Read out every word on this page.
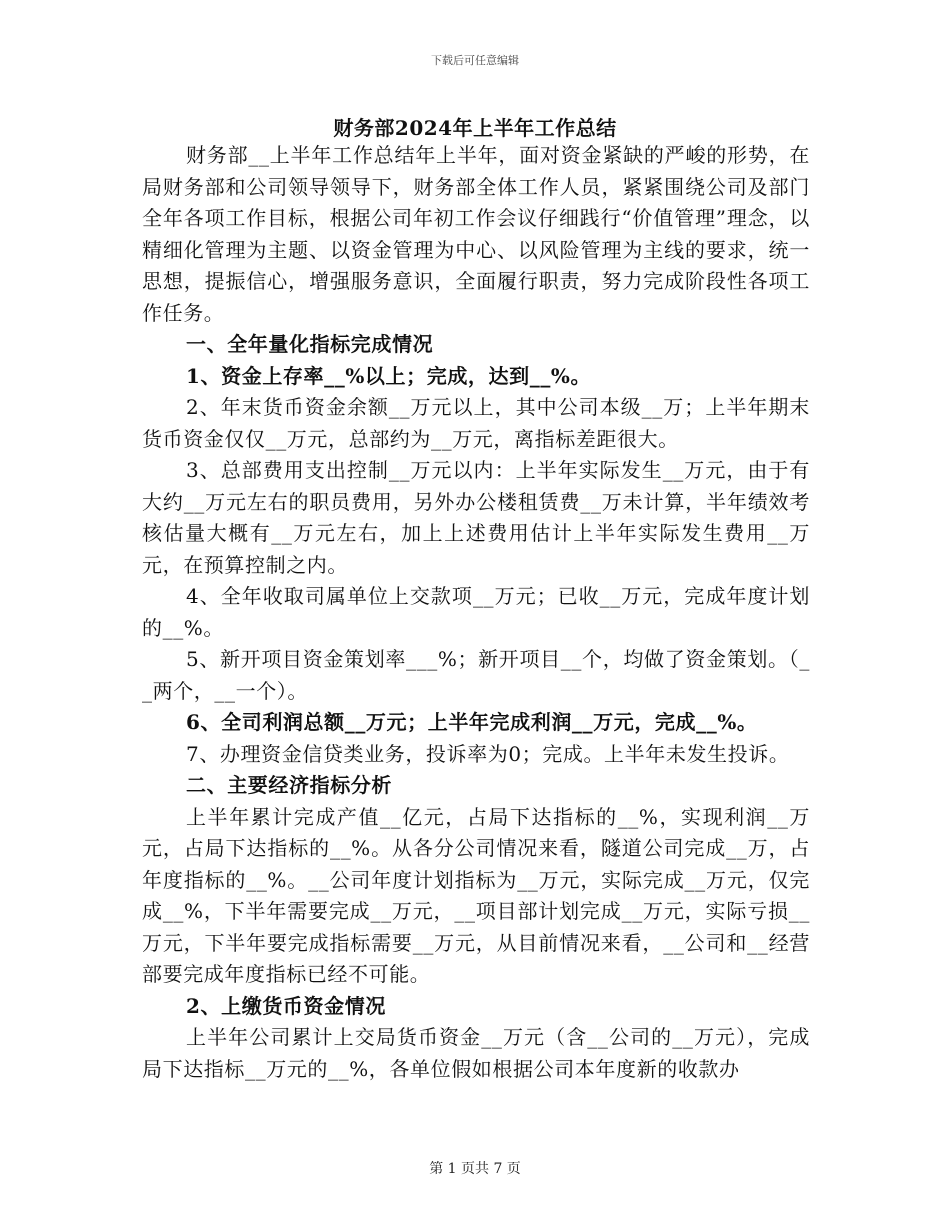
下载后可任意编辑
财务部2024年上半年工作总结

财务部__上半年工作总结年上半年，面对资金紧缺的严峻的形势，在局财务部和公司领导领导下，财务部全体工作人员，紧紧围绕公司及部门全年各项工作目标，根据公司年初工作会议仔细践行“价值管理”理念，以精细化管理为主题、以资金管理为中心、以风险管理为主线的要求，统一思想，提振信心，增强服务意识，全面履行职责，努力完成阶段性各项工作任务。

一、全年量化指标完成情况

1、资金上存率__%以上；完成，达到__%。

2、年末货币资金余额__万元以上，其中公司本级__万；上半年期末货币资金仅仅__万元，总部约为__万元，离指标差距很大。

3、总部费用支出控制__万元以内：上半年实际发生__万元，由于有大约__万元左右的职员费用，另外办公楼租赁费__万未计算，半年绩效考核估量大概有__万元左右，加上上述费用估计上半年实际发生费用__万元，在预算控制之内。

4、全年收取司属单位上交款项__万元；已收__万元，完成年度计划的__%。

5、新开项目资金策划率___%；新开项目__个，均做了资金策划。（__两个，__一个）。

6、全司利润总额__万元；上半年完成利润__万元，完成__%。

7、办理资金信贷类业务，投诉率为0；完成。上半年未发生投诉。

二、主要经济指标分析

上半年累计完成产值__亿元，占局下达指标的__%，实现利润__万元，占局下达指标的__%。从各分公司情况来看，隧道公司完成__万，占年度指标的__%。__公司年度计划指标为__万元，实际完成__万元，仅完成__%，下半年需要完成__万元，__项目部计划完成__万元，实际亏损__万元，下半年要完成指标需要__万元，从目前情况来看，__公司和__经营部要完成年度指标已经不可能。

2、上缴货币资金情况

上半年公司累计上交局货币资金__万元（含__公司的__万元），完成局下达指标__万元的__%，各单位假如根据公司本年度新的收款办

第 1 页共 7 页
